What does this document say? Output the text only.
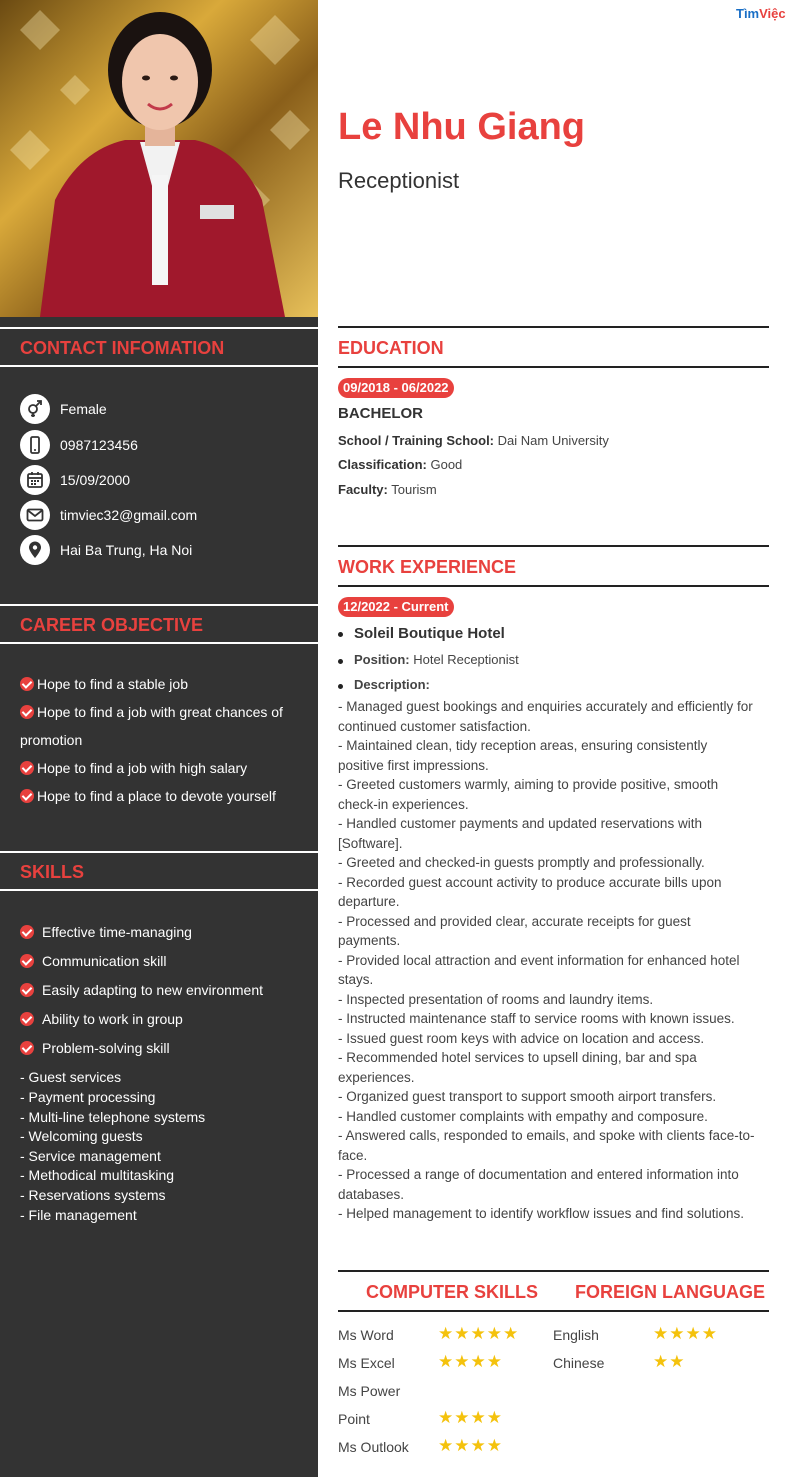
CONTACT INFOMATION
Female
0987123456
15/09/2000
timviec32@gmail.com
Hai Ba Trung, Ha Noi
CAREER OBJECTIVE
Hope to find a stable job
Hope to find a job with great chances of promotion
Hope to find a job with high salary
Hope to find a place to devote yourself
SKILLS
Effective time-managing
Communication skill
Easily adapting to new environment
Ability to work in group
Problem-solving skill
- Guest services
- Payment processing
- Multi-line telephone systems
- Welcoming guests
- Service management
- Methodical multitasking
- Reservations systems
- File management
TìmViệc
Le Nhu Giang
Receptionist
EDUCATION
09/2018 - 06/2022
BACHELOR
School / Training School: Dai Nam University
Classification: Good
Faculty: Tourism
WORK EXPERIENCE
12/2022 - Current
Soleil Boutique Hotel
Position: Hotel Receptionist
Description:
- Managed guest bookings and enquiries accurately and efficiently for
continued customer satisfaction.
- Maintained clean, tidy reception areas, ensuring consistently
positive first impressions.
- Greeted customers warmly, aiming to provide positive, smooth
check-in experiences.
- Handled customer payments and updated reservations with
[Software].
- Greeted and checked-in guests promptly and professionally.
- Recorded guest account activity to produce accurate bills upon
departure.
- Processed and provided clear, accurate receipts for guest
payments.
- Provided local attraction and event information for enhanced hotel
stays.
- Inspected presentation of rooms and laundry items.
- Instructed maintenance staff to service rooms with known issues.
- Issued guest room keys with advice on location and access.
- Recommended hotel services to upsell dining, bar and spa
experiences.
- Organized guest transport to support smooth airport transfers.
- Handled customer complaints with empathy and composure.
- Answered calls, responded to emails, and spoke with clients face-to-
face.
- Processed a range of documentation and entered information into
databases.
- Helped management to identify workflow issues and find solutions.
COMPUTER SKILLS FOREIGN LANGUAGE
Ms Word	★★★★★
Ms Excel	★★★★
Ms Power
Point	★★★★
Ms Outlook ★★★★
English	★★★★
Chinese	★★
